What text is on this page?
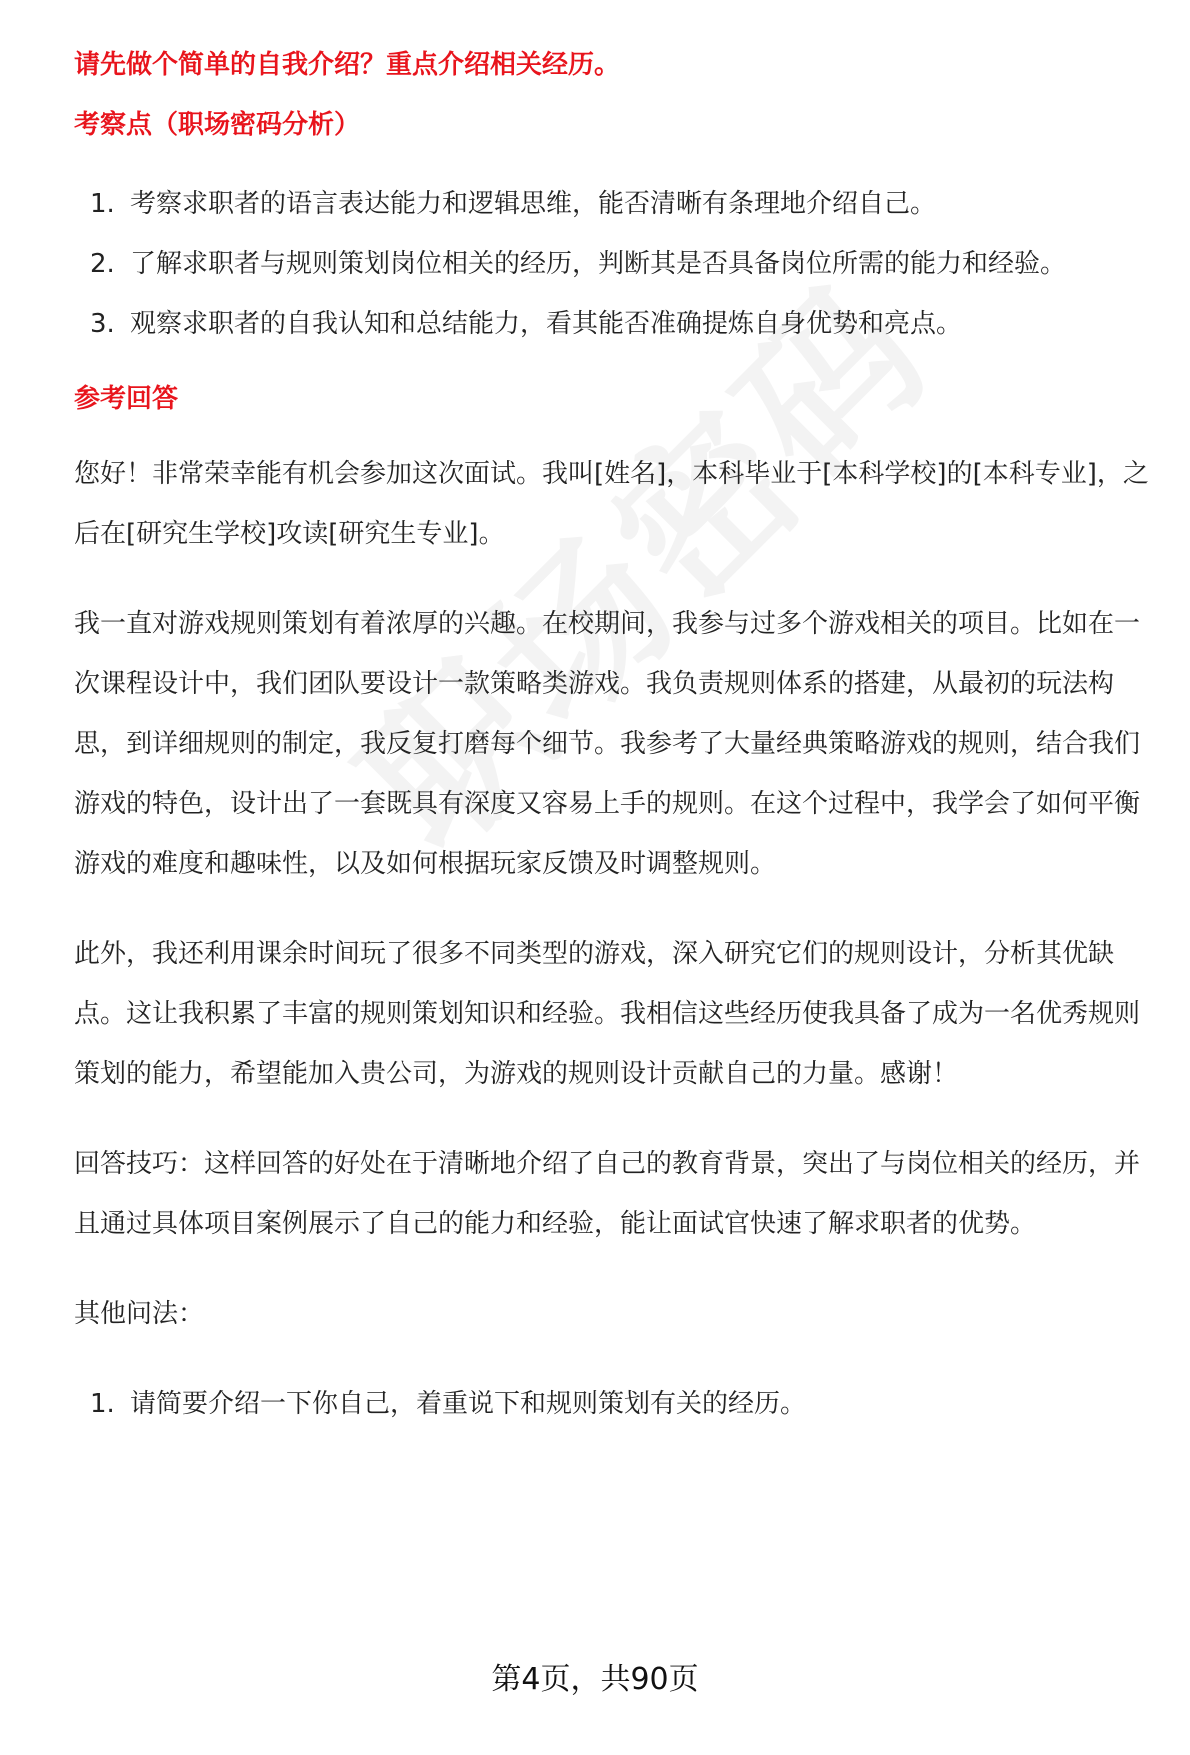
请先做个简单的自我介绍？重点介绍相关经历。
考察点（职场密码分析）
1. 考察求职者的语言表达能力和逻辑思维，能否清晰有条理地介绍自己。
2. 了解求职者与规则策划岗位相关的经历，判断其是否具备岗位所需的能力和经验。
3. 观察求职者的自我认知和总结能力，看其能否准确提炼自身优势和亮点。
参考回答

您好！非常荣幸能有机会参加这次面试。我叫[姓名]，本科毕业于[本科学校]的[本科专业]，之后在[研究生学校]攻读[研究生专业]。

我一直对游戏规则策划有着浓厚的兴趣。在校期间，我参与过多个游戏相关的项目。比如在一次课程设计中，我们团队要设计一款策略类游戏。我负责规则体系的搭建，从最初的玩法构思，到详细规则的制定，我反复打磨每个细节。我参考了大量经典策略游戏的规则，结合我们游戏的特色，设计出了一套既具有深度又容易上手的规则。在这个过程中，我学会了如何平衡游戏的难度和趣味性，以及如何根据玩家反馈及时调整规则。

此外，我还利用课余时间玩了很多不同类型的游戏，深入研究它们的规则设计，分析其优缺点。这让我积累了丰富的规则策划知识和经验。我相信这些经历使我具备了成为一名优秀规则策划的能力，希望能加入贵公司，为游戏的规则设计贡献自己的力量。感谢！

回答技巧：这样回答的好处在于清晰地介绍了自己的教育背景，突出了与岗位相关的经历，并且通过具体项目案例展示了自己的能力和经验，能让面试官快速了解求职者的优势。

其他问法：

1. 请简要介绍一下你自己，着重说下和规则策划有关的经历。
第4页，共90页
